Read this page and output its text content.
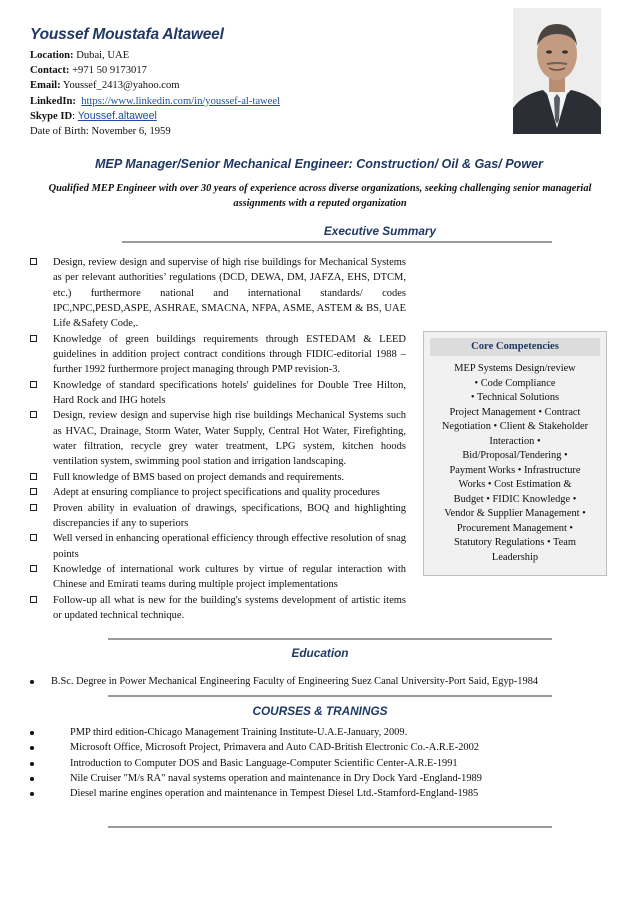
Youssef Moustafa Altaweel
Location: Dubai, UAE
Contact: +971 50 9173017
Email: Youssef_2413@yahoo.com
LinkedIn: https://www.linkedin.com/in/youssef-al-taweel
Skype ID: Youssef.altaweel
Date of Birth: November 6, 1959
MEP Manager/Senior Mechanical Engineer: Construction/ Oil & Gas/ Power
Qualified MEP Engineer with over 30 years of experience across diverse organizations, seeking challenging senior managerial assignments with a reputed organization
Executive Summary
Design, review design and supervise of high rise buildings for Mechanical Systems as per relevant authorities’ regulations (DCD, DEWA, DM, JAFZA, EHS, DTCM, etc.) furthermore national and international standards/ codes IPC,NPC,PESD,ASPE, ASHRAE, SMACNA, NFPA, ASME, ASTEM & BS, UAE Life &Safety Code,.
Knowledge of green buildings requirements through ESTEDAM & LEED guidelines in addition project contract conditions through FIDIC-editorial 1988 –further 1992 furthermore project managing through PMP revision-3.
Knowledge of standard specifications hotels' guidelines for Double Tree Hilton, Hard Rock and IHG hotels
Design, review design and supervise high rise buildings Mechanical Systems such as HVAC, Drainage, Storm Water, Water Supply, Central Hot Water, Firefighting, water filtration, recycle grey water treatment, LPG system, kitchen hoods ventilation system, swimming pool station and irrigation landscaping.
Full knowledge of BMS based on project demands and requirements.
Adept at ensuring compliance to project specifications and quality procedures
Proven ability in evaluation of drawings, specifications, BOQ and highlighting discrepancies if any to superiors
Well versed in enhancing operational efficiency through effective resolution of snag points
Knowledge of international work cultures by virtue of regular interaction with Chinese and Emirati teams during multiple project implementations
Follow-up all what is new for the building's systems development of artistic items or updated technical technique.
Core Competencies
MEP Systems Design/review
• Code Compliance
• Technical Solutions
Project Management • Contract
Negotiation • Client & Stakeholder
Interaction •
Bid/Proposal/Tendering •
Payment Works • Infrastructure
Works • Cost Estimation &
Budget • FIDIC Knowledge •
Vendor & Supplier Management •
Procurement Management •
Statutory Regulations • Team
Leadership
Education
B.Sc. Degree in Power Mechanical Engineering Faculty of Engineering Suez Canal University-Port Said, Egyp-1984
COURSES & TRANINGS
PMP third edition-Chicago Management Training Institute-U.A.E-January, 2009.
Microsoft Office, Microsoft Project, Primavera and Auto CAD-British Electronic Co.-A.R.E-2002
Introduction to Computer DOS and Basic Language-Computer Scientific Center-A.R.E-1991
Nile Cruiser "M/s RA" naval systems operation and maintenance in Dry Dock Yard -England-1989
Diesel marine engines operation and maintenance in Tempest Diesel Ltd.-Stamford-England-1985
